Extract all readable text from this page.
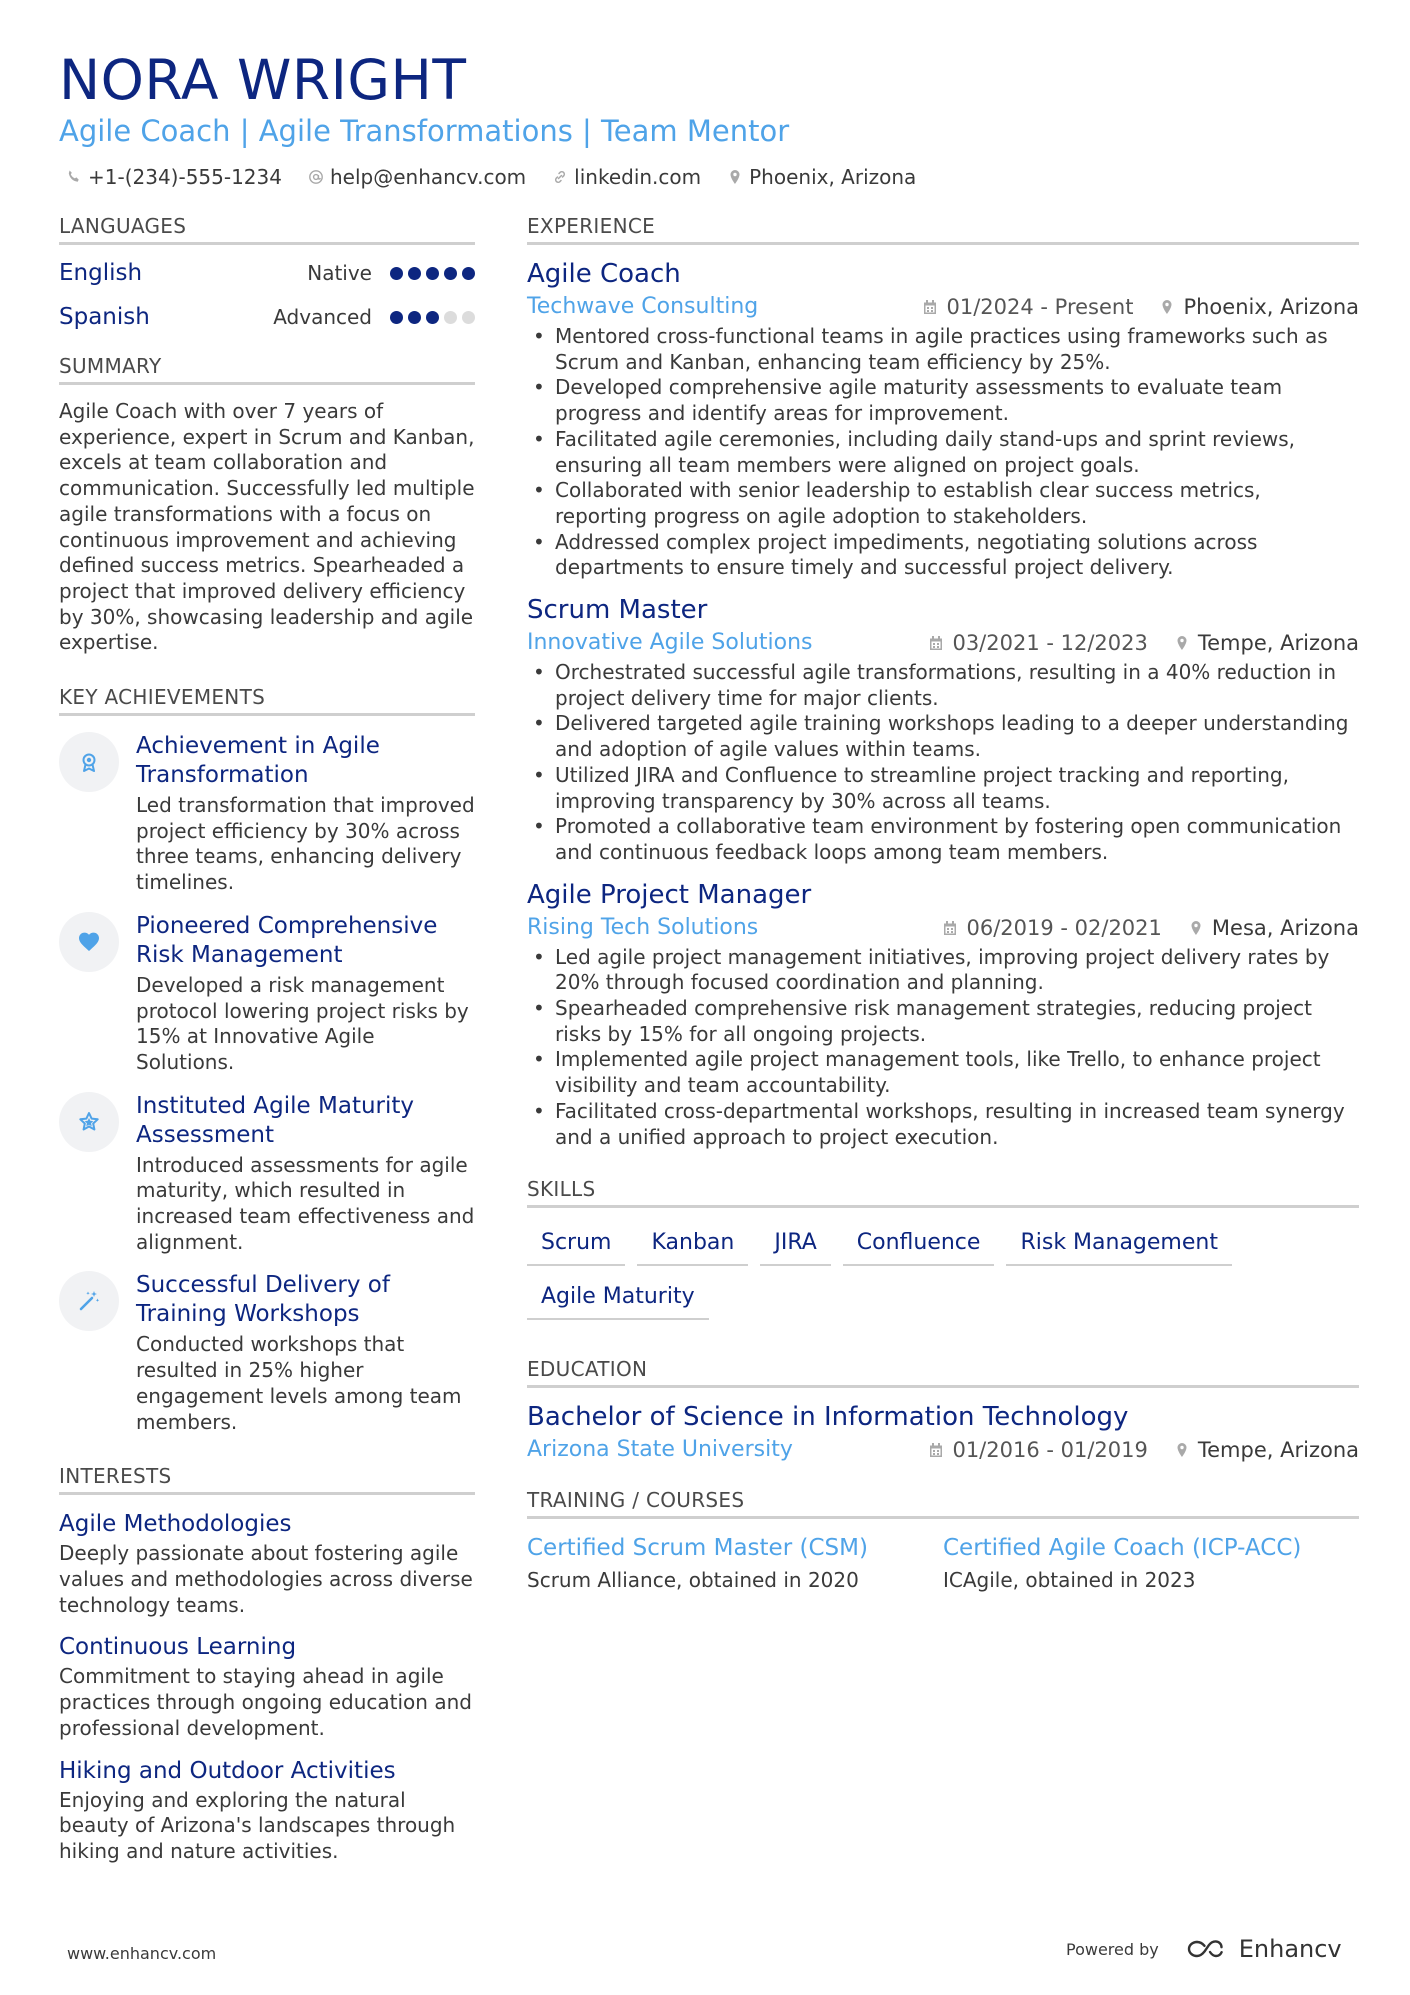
NORA WRIGHT
Agile Coach | Agile Transformations | Team Mentor
+1-(234)-555-1234 help@enhancv.com linkedin.com Phoenix, Arizona
LANGUAGES
English	Native
Spanish	Advanced
SUMMARY

Agile Coach with over 7 years of experience, expert in Scrum and Kanban, excels at team collaboration and communication. Successfully led multiple agile transformations with a focus on continuous improvement and achieving defined success metrics. Spearheaded a project that improved delivery efficiency by 30%, showcasing leadership and agile expertise.

KEY ACHIEVEMENTS
Achievement in Agile Transformation
Led transformation that improved project efficiency by 30% across three teams, enhancing delivery timelines.
Pioneered Comprehensive Risk Management
Developed a risk management protocol lowering project risks by 15% at Innovative Agile Solutions.
Instituted Agile Maturity Assessment
Introduced assessments for agile maturity, which resulted in increased team effectiveness and alignment.
Successful Delivery of Training Workshops
Conducted workshops that resulted in 25% higher engagement levels among team members.
INTERESTS
Agile Methodologies
Deeply passionate about fostering agile values and methodologies across diverse technology teams.
Continuous Learning
Commitment to staying ahead in agile practices through ongoing education and professional development.
Hiking and Outdoor Activities
Enjoying and exploring the natural beauty of Arizona's landscapes through hiking and nature activities.
EXPERIENCE
Agile Coach
Techwave Consulting	01/2024 - Present Phoenix, Arizona
• Mentored cross-functional teams in agile practices using frameworks such as Scrum and Kanban, enhancing team efficiency by 25%.
• Developed comprehensive agile maturity assessments to evaluate team progress and identify areas for improvement.
• Facilitated agile ceremonies, including daily stand-ups and sprint reviews, ensuring all team members were aligned on project goals.
• Collaborated with senior leadership to establish clear success metrics, reporting progress on agile adoption to stakeholders.
• Addressed complex project impediments, negotiating solutions across departments to ensure timely and successful project delivery.
Scrum Master
Innovative Agile Solutions	03/2021 - 12/2023 Tempe, Arizona
• Orchestrated successful agile transformations, resulting in a 40% reduction in project delivery time for major clients.
• Delivered targeted agile training workshops leading to a deeper understanding and adoption of agile values within teams.
• Utilized JIRA and Confluence to streamline project tracking and reporting, improving transparency by 30% across all teams.
• Promoted a collaborative team environment by fostering open communication and continuous feedback loops among team members.
Agile Project Manager
Rising Tech Solutions	06/2019 - 02/2021 Mesa, Arizona
• Led agile project management initiatives, improving project delivery rates by 20% through focused coordination and planning.
• Spearheaded comprehensive risk management strategies, reducing project risks by 15% for all ongoing projects.
• Implemented agile project management tools, like Trello, to enhance project visibility and team accountability.
• Facilitated cross-departmental workshops, resulting in increased team synergy and a unified approach to project execution.
SKILLS
Scrum	Kanban	JIRA	Confluence	Risk Management
Agile Maturity
EDUCATION
Bachelor of Science in Information Technology
Arizona State University	01/2016 - 01/2019 Tempe, Arizona
TRAINING / COURSES
Certified Scrum Master (CSM)
Scrum Alliance, obtained in 2020
Certified Agile Coach (ICP-ACC)
ICAgile, obtained in 2023
www.enhancv.com	Powered by	Enhancv
